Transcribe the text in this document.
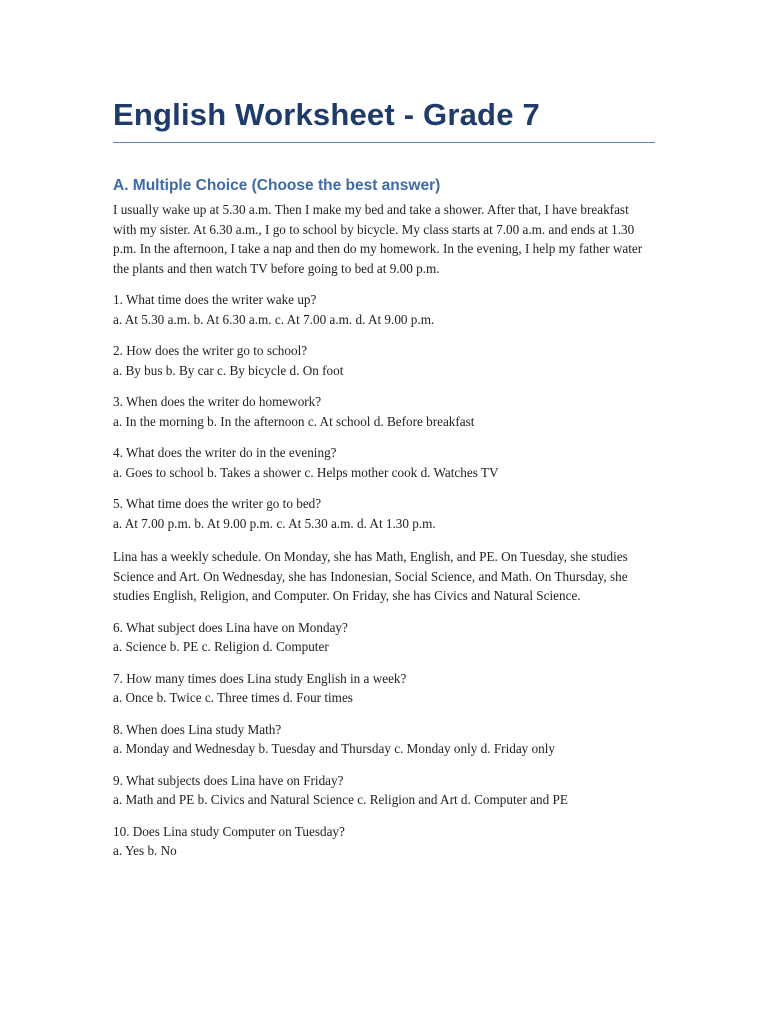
English Worksheet - Grade 7
A. Multiple Choice (Choose the best answer)

I usually wake up at 5.30 a.m. Then I make my bed and take a shower. After that, I have breakfast with my sister. At 6.30 a.m., I go to school by bicycle. My class starts at 7.00 a.m. and ends at 1.30 p.m. In the afternoon, I take a nap and then do my homework. In the evening, I help my father water the plants and then watch TV before going to bed at 9.00 p.m.

1. What time does the writer wake up?
a. At 5.30 a.m. b. At 6.30 a.m. c. At 7.00 a.m. d. At 9.00 p.m.
2. How does the writer go to school?
a. By bus b. By car c. By bicycle d. On foot
3. When does the writer do homework?
a. In the morning b. In the afternoon c. At school d. Before breakfast
4. What does the writer do in the evening?
a. Goes to school b. Takes a shower c. Helps mother cook d. Watches TV
5. What time does the writer go to bed?
a. At 7.00 p.m. b. At 9.00 p.m. c. At 5.30 a.m. d. At 1.30 p.m.

Lina has a weekly schedule. On Monday, she has Math, English, and PE. On Tuesday, she studies Science and Art. On Wednesday, she has Indonesian, Social Science, and Math. On Thursday, she studies English, Religion, and Computer. On Friday, she has Civics and Natural Science.

6. What subject does Lina have on Monday?
a. Science b. PE c. Religion d. Computer
7. How many times does Lina study English in a week?
a. Once b. Twice c. Three times d. Four times
8. When does Lina study Math?
a. Monday and Wednesday b. Tuesday and Thursday c. Monday only d. Friday only
9. What subjects does Lina have on Friday?
a. Math and PE b. Civics and Natural Science c. Religion and Art d. Computer and PE
10. Does Lina study Computer on Tuesday?
a. Yes b. No
